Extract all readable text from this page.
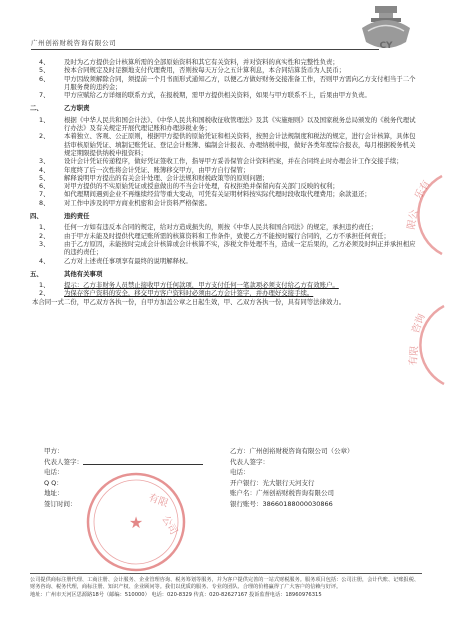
广州创裕财税咨询有限公司	CY
4、 及时为乙方提供会计核算所需的全部原始资料和其它有关资料，并对资料的真实性和完整性负责；
5、 按本合同规定及时足额地支付代理费用，否则按每天万分之五计算利息，本合同结算货币为人民币；
6、 甲方因故须解除合同，须提前一个月书面形式通知乙方，以便乙方做好财务交接准备工作，否则甲方需向乙方支付相当于二个月服务费的违约金；
7、 甲方应赋给乙方详细的联系方式，在报税期，需甲方提供相关资料，如果与甲方联系不上，后果由甲方负责。
二、	乙方职责
1、 根据《中华人民共和国会计法》、《中华人民共和国税收征收管理法》及其《实施细则》以及国家税务总局颁发的《税务代理试行办法》及有关规定开展代理记账和办理涉税业务；
2、 本着独立、客观、公正原则，根据甲方提供的原始凭证和相关资料，按照会计法规制度和税法的规定，进行会计核算，具体包括审核原始凭证、填制记账凭证、登记会计账簿、编制会计报表、办理纳税申报，做好各类年度综合报表，每月根据税务机关规定期限提供纳税申报资料；
3、 设计会计凭证传递程序，做好凭证签收工作，指导甲方妥善保管会计资料档案，并在合同终止时办理会计工作交接手续；
4、 年度终了后一次性将会计凭证、账簿移交甲方，由甲方自行保管；
5、 解释说明甲方提出的有关会计处理、会计法规和财税政策等的原则问题；
6、 对甲方提供的不实原始凭证或授意做出的不当会计处理，有权拒绝并保留向有关部门反映的权利；
7、 如代理期间遇到企业不再继续经营等重大变动，可凭有关证明材料按实际代理时段收取代理费用；余款退还；
8、 对工作中涉及的甲方商业机密和会计资料严格保密。
四、	违约责任
1、 任何一方如有违反本合同的规定，给对方造成损失的，则按《中华人民共和国合同法》的规定，承担违约责任；
2、 由于甲方未能及时提供代理记账所需的核算资料和工作条件，致使乙方不能按时履行合同的，乙方不承担任何责任；
3、 由于乙方原因，未能按时完成会计核算或会计核算不实，涉税文件处理不当，造成一定后果的，乙方必须及时纠正并承担相应的违约责任；
4、 乙方对上述责任事项享有最终的说明解释权。
五、	其他有关事项
1、 提示：乙方非财务人员禁止接收甲方任何款项，甲方支付任何一笔款项必须支付给乙方有效账户。
2、 为保存客户资料的安全，移交甲方客户资料时必须由乙方会计签字，并办理好交接手续。
本合同一式二份，甲乙双方各执一份，自甲方加盖公章之日起生效，甲、乙双方各执一份，具有同等法律效力。
甲方：
代表人签字：
电话：
Q Q：
地址：
签订时间：
乙方：广州创裕财税咨询有限公司（公章）
代表人签字：
电话：
开户银行：光大银行天河支行
账户名：广州创裕财税咨询有限公司
银行账号：38660188000030866
★
有限
公司
乐有
限公
咨询
有限
公司提供商标注册代理、工商注册、会计服务、企业管理咨询、税务筹划等服务，并为客户提供完善的一站式财税服务。服务项目包括：公司注册，会计代账、记账报税、财务咨询、税务代理，商标注册、知识产权、企业顾问等。我们以优质的服务、专业的团队、合理的价格赢得了广大客户的信赖与好评。
地址：广州市天河区思源路18号（邮编：510000） 电话：020-8329 传真：020-82627167 投诉监督电话：18960976315
